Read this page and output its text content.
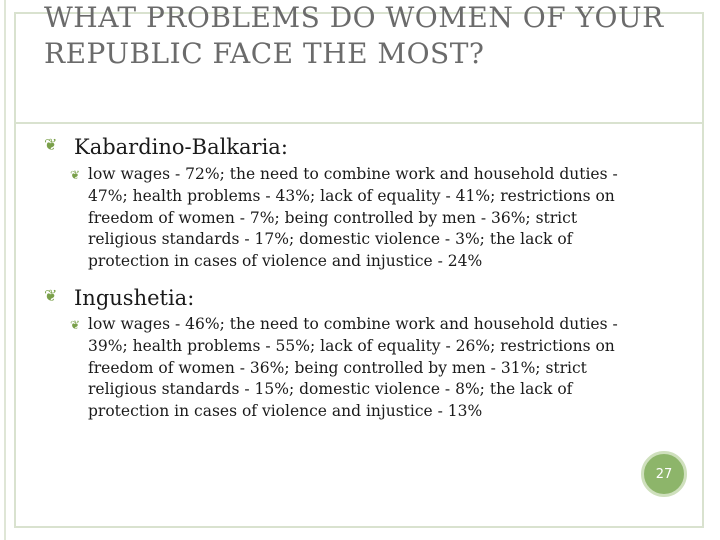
WHAT PROBLEMS DO WOMEN OF YOUR REPUBLIC FACE THE MOST?
❦ Kabardino-Balkaria:
❦ low wages - 72%; the need to combine work and household duties - 47%; health problems - 43%; lack of equality - 41%; restrictions on freedom of women - 7%; being controlled by men - 36%; strict religious standards - 17%; domestic violence - 3%; the lack of protection in cases of violence and injustice - 24%
❦ Ingushetia:
❦ low wages - 46%; the need to combine work and household duties - 39%; health problems - 55%; lack of equality - 26%; restrictions on freedom of women - 36%; being controlled by men - 31%; strict religious standards - 15%; domestic violence - 8%; the lack of protection in cases of violence and injustice - 13%
27
